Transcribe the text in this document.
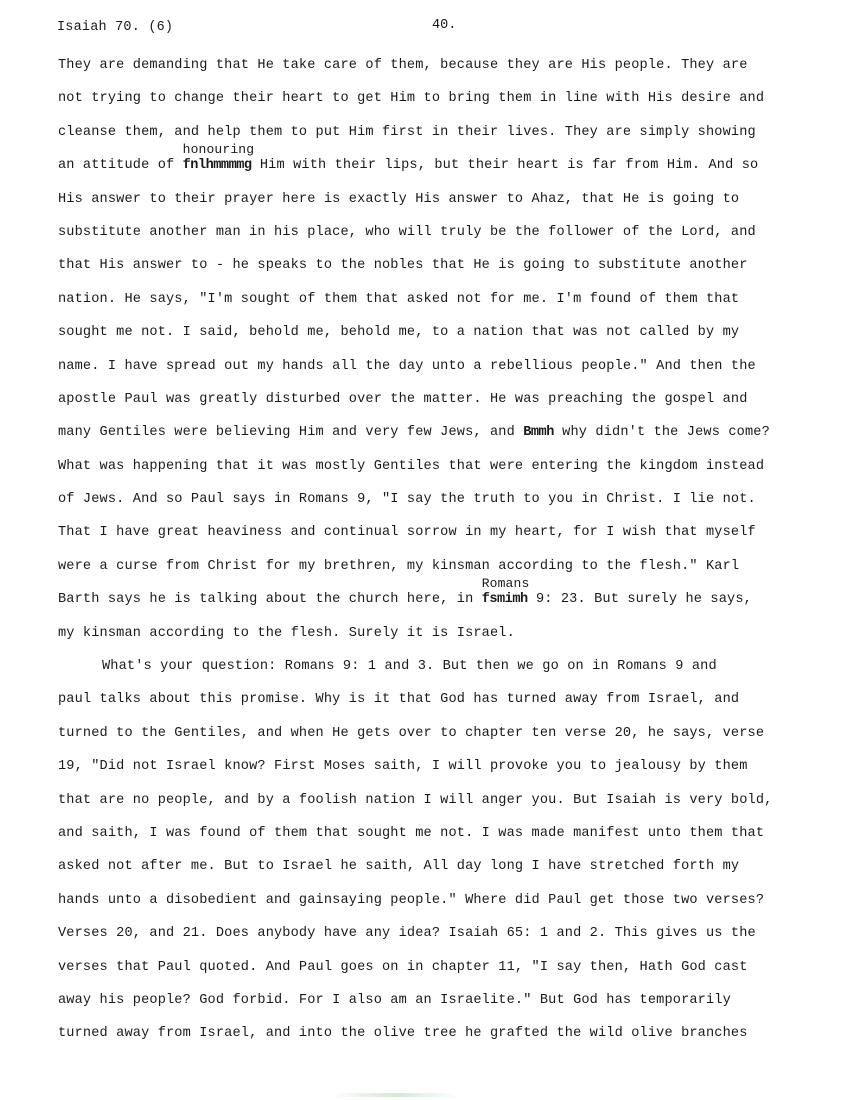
Isaiah 70. (6)	40.
They are demanding that He take care of them, because they are His people. They are
not trying to change their heart to get Him to bring them in line with His desire and
cleanse them, and help them to put Him first in their lives. They are simply showing
an attitude of
honouring
fnlhmmmmg Him with their lips, but their heart is far from Him. And so
His answer to their prayer here is exactly His answer to Ahaz, that He is going to
substitute another man in his place, who will truly be the follower of the Lord, and
that His answer to - he speaks to the nobles that He is going to substitute another
nation. He says, "I'm sought of them that asked not for me. I'm found of them that
sought me not. I said, behold me, behold me, to a nation that was not called by my
name. I have spread out my hands all the day unto a rebellious people." And then the
apostle Paul was greatly disturbed over the matter. He was preaching the gospel and
many Gentiles were believing Him and very few Jews, and Bmmh why didn't the Jews come?
What was happening that it was mostly Gentiles that were entering the kingdom instead
of Jews. And so Paul says in Romans 9, "I say the truth to you in Christ. I lie not.
That I have great heaviness and continual sorrow in my heart, for I wish that myself
were a curse from Christ for my brethren, my kinsman according to the flesh." Karl
Barth says he is talking about the church here, in
Romans
fsmimh 9: 23. But surely he says,
my kinsman according to the flesh. Surely it is Israel.
What's your question: Romans 9: 1 and 3. But then we go on in Romans 9 and
paul talks about this promise. Why is it that God has turned away from Israel, and
turned to the Gentiles, and when He gets over to chapter ten verse 20, he says, verse
19, "Did not Israel know? First Moses saith, I will provoke you to jealousy by them
that are no people, and by a foolish nation I will anger you. But Isaiah is very bold,
and saith, I was found of them that sought me not. I was made manifest unto them that
asked not after me. But to Israel he saith, All day long I have stretched forth my
hands unto a disobedient and gainsaying people." Where did Paul get those two verses?
Verses 20, and 21. Does anybody have any idea? Isaiah 65: 1 and 2. This gives us the
verses that Paul quoted. And Paul goes on in chapter 11, "I say then, Hath God cast
away his people? God forbid. For I also am an Israelite." But God has temporarily
turned away from Israel, and into the olive tree he grafted the wild olive branches
